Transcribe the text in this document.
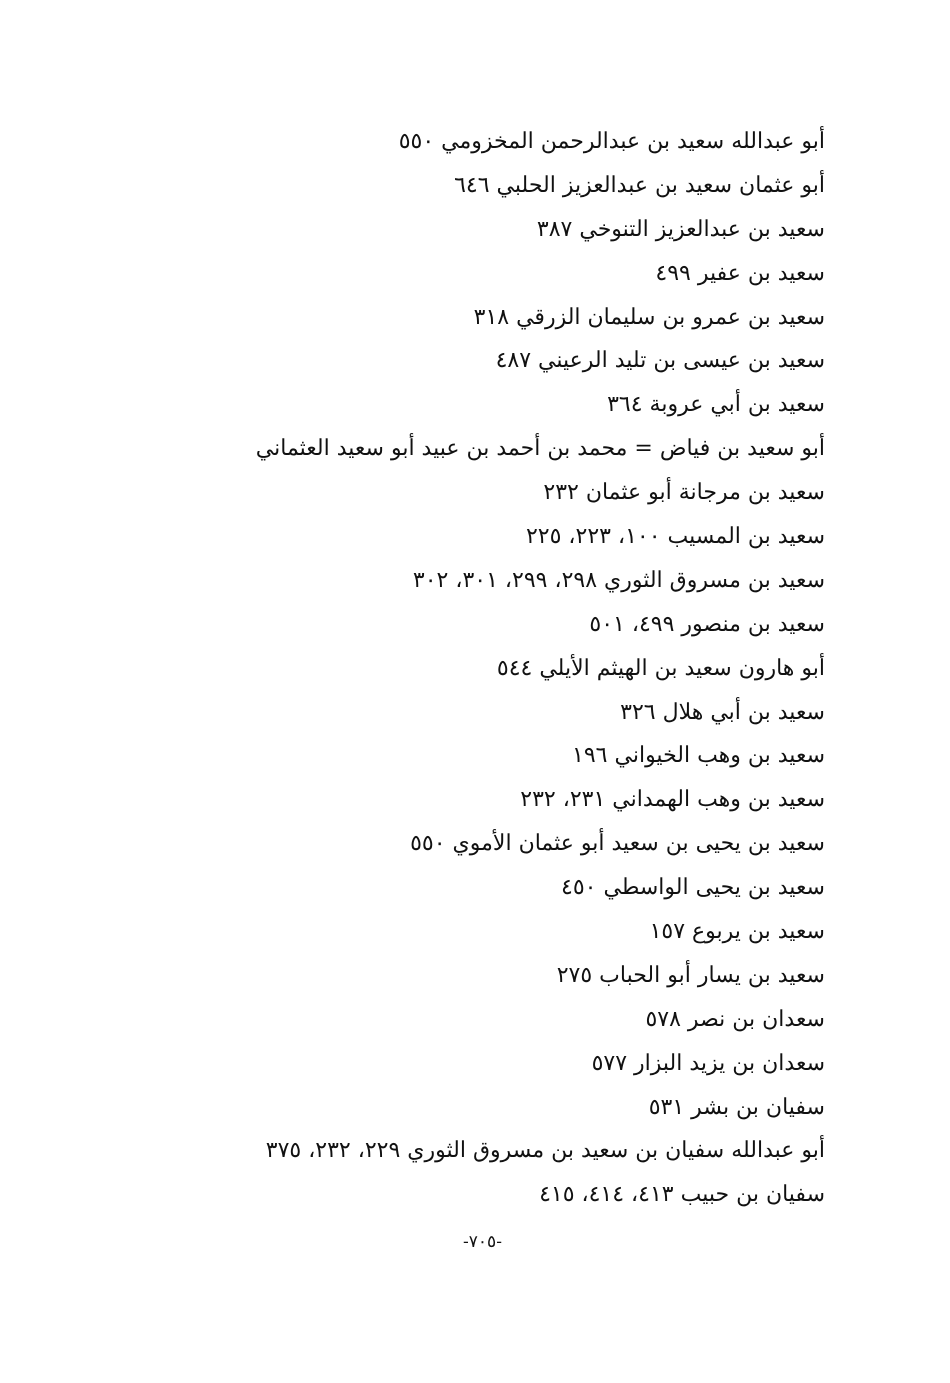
أبو عبدالله سعيد بن عبدالرحمن المخزومي ٥٥٠
أبو عثمان سعيد بن عبدالعزيز الحلبي ٦٤٦
سعيد بن عبدالعزيز التنوخي ٣٨٧
سعيد بن عفير ٤٩٩
سعيد بن عمرو بن سليمان الزرقي ٣١٨
سعيد بن عيسى بن تليد الرعيني ٤٨٧
سعيد بن أبي عروبة ٣٦٤
أبو سعيد بن فياض = محمد بن أحمد بن عبيد أبو سعيد العثماني
سعيد بن مرجانة أبو عثمان ٢٣٢
سعيد بن المسيب ١٠٠، ٢٢٣، ٢٢٥
سعيد بن مسروق الثوري ٢٩٨، ٢٩٩، ٣٠١، ٣٠٢
سعيد بن منصور ٤٩٩، ٥٠١
أبو هارون سعيد بن الهيثم الأيلي ٥٤٤
سعيد بن أبي هلال ٣٢٦
سعيد بن وهب الخيواني ١٩٦
سعيد بن وهب الهمداني ٢٣١، ٢٣٢
سعيد بن يحيى بن سعيد أبو عثمان الأموي ٥٥٠
سعيد بن يحيى الواسطي ٤٥٠
سعيد بن يربوع ١٥٧
سعيد بن يسار أبو الحباب ٢٧٥
سعدان بن نصر ٥٧٨
سعدان بن يزيد البزار ٥٧٧
سفيان بن بشر ٥٣١
أبو عبدالله سفيان بن سعيد بن مسروق الثوري ٢٢٩، ٢٣٢، ٣٧٥
سفيان بن حبيب ٤١٣، ٤١٤، ٤١٥
-٧٠٥-
